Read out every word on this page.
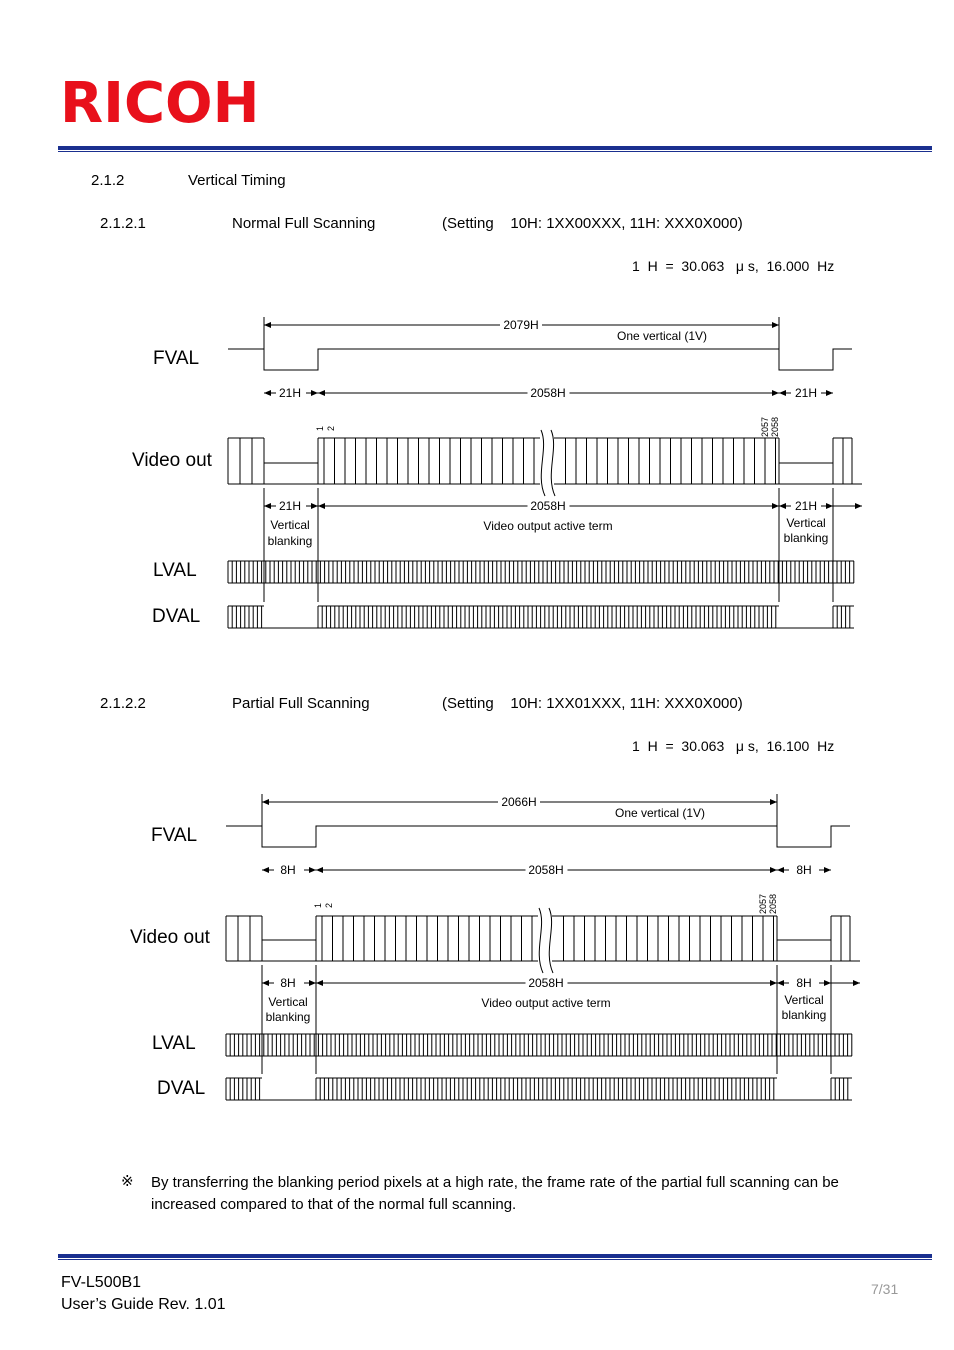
RICOH
2.1.2	Vertical Timing
2.1.2.1	Normal Full Scanning	(Setting    10H: 1XX00XXX, 11H: XXX0X000)
1  H  =  30.063   μ s,  16.000  Hz
FVAL
Video out
LVAL
DVAL
2.1.2.2	Partial Full Scanning	(Setting    10H: 1XX01XXX, 11H: XXX0X000)
1  H  =  30.063   μ s,  16.100  Hz
FVAL
Video out
LVAL
DVAL
2079H
One vertical (1V)
21H	2058H	21H
1 2	2057 2058
21H	2058H	21H
Vertical
blanking
Video output active term	Vertical
blanking
2066H
One vertical (1V)
8H	2058H	8H
1 2	2057 2058
8H	2058H	8H
Vertical
blanking
Video output active term	Vertical
blanking
※ By transferring the blanking period pixels at a high rate, the frame rate of the partial full scanning can be increased compared to that of the normal full scanning.
FV-L500B1
User’s Guide Rev. 1.01
7/31
